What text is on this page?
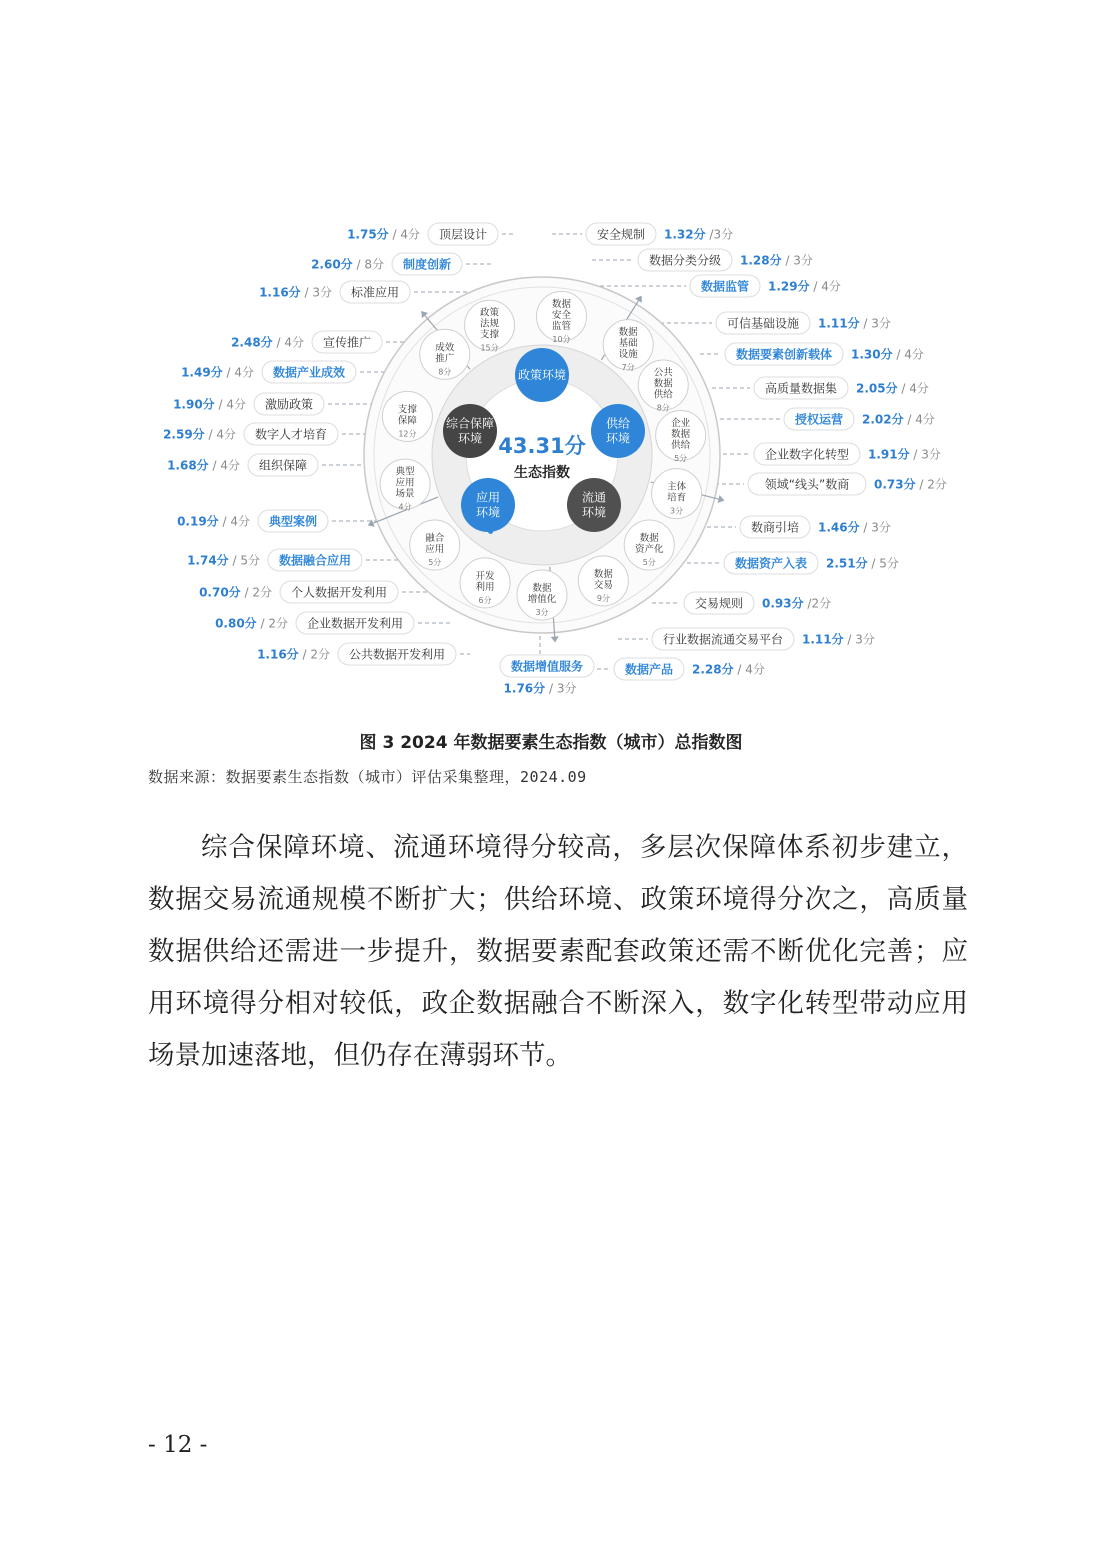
政策
法规
支撑
15分
数据
安全
监管
10分
数据
基础
设施
7分 公共
数据
供给
8分
企业
数据
供给
5分
主体
培育
3分
数据
资产化
5分
数据
交易
9分
数据
增值化
3分
开发
利用
6分
融合
应用
5分
典型
应用
场景
4分
支撑
保障
12分
成效
推广
8分	政策环境
供给
环境
流通
环境
应用
环境
综合保障
环境 43.31分
生态指数
顶层设计
1.75分 / 4分
制度创新
2.60分 / 8分
标准应用
1.16分 / 3分
宣传推广
2.48分 / 4分
数据产业成效
1.49分 / 4分
激励政策
1.90分 / 4分
数字人才培育
2.59分 / 4分
组织保障
1.68分 / 4分
典型案例
0.19分 / 4分
数据融合应用
1.74分 / 5分
个人数据开发利用
0.70分 / 2分
企业数据开发利用
0.80分 / 2分
公共数据开发利用
1.16分 / 2分
安全规制 1.32分 /3分
数据分类分级 1.28分 / 3分
数据监管 1.29分 / 4分
可信基础设施 1.11分 / 3分
数据要素创新载体 1.30分 / 4分
高质量数据集 2.05分 / 4分
授权运营 2.02分 / 4分
企业数字化转型 1.91分 / 3分
领域“线头”数商 0.73分 / 2分
数商引培 1.46分 / 3分
数据资产入表 2.51分 / 5分
交易规则 0.93分 /2分
行业数据流通交易平台 1.11分 / 3分
数据产品 2.28分 / 4分
数据增值服务
1.76分 / 3分
图 3 2024 年数据要素生态指数（城市）总指数图
数据来源：数据要素生态指数（城市）评估采集整理，2024.09

综合保障环境、流通环境得分较高，多层次保障体系初步建立，数据交易流通规模不断扩大；供给环境、政策环境得分次之，高质量数据供给还需进一步提升，数据要素配套政策还需不断优化完善；应用环境得分相对较低，政企数据融合不断深入，数字化转型带动应用场景加速落地，但仍存在薄弱环节。

- 12 -
